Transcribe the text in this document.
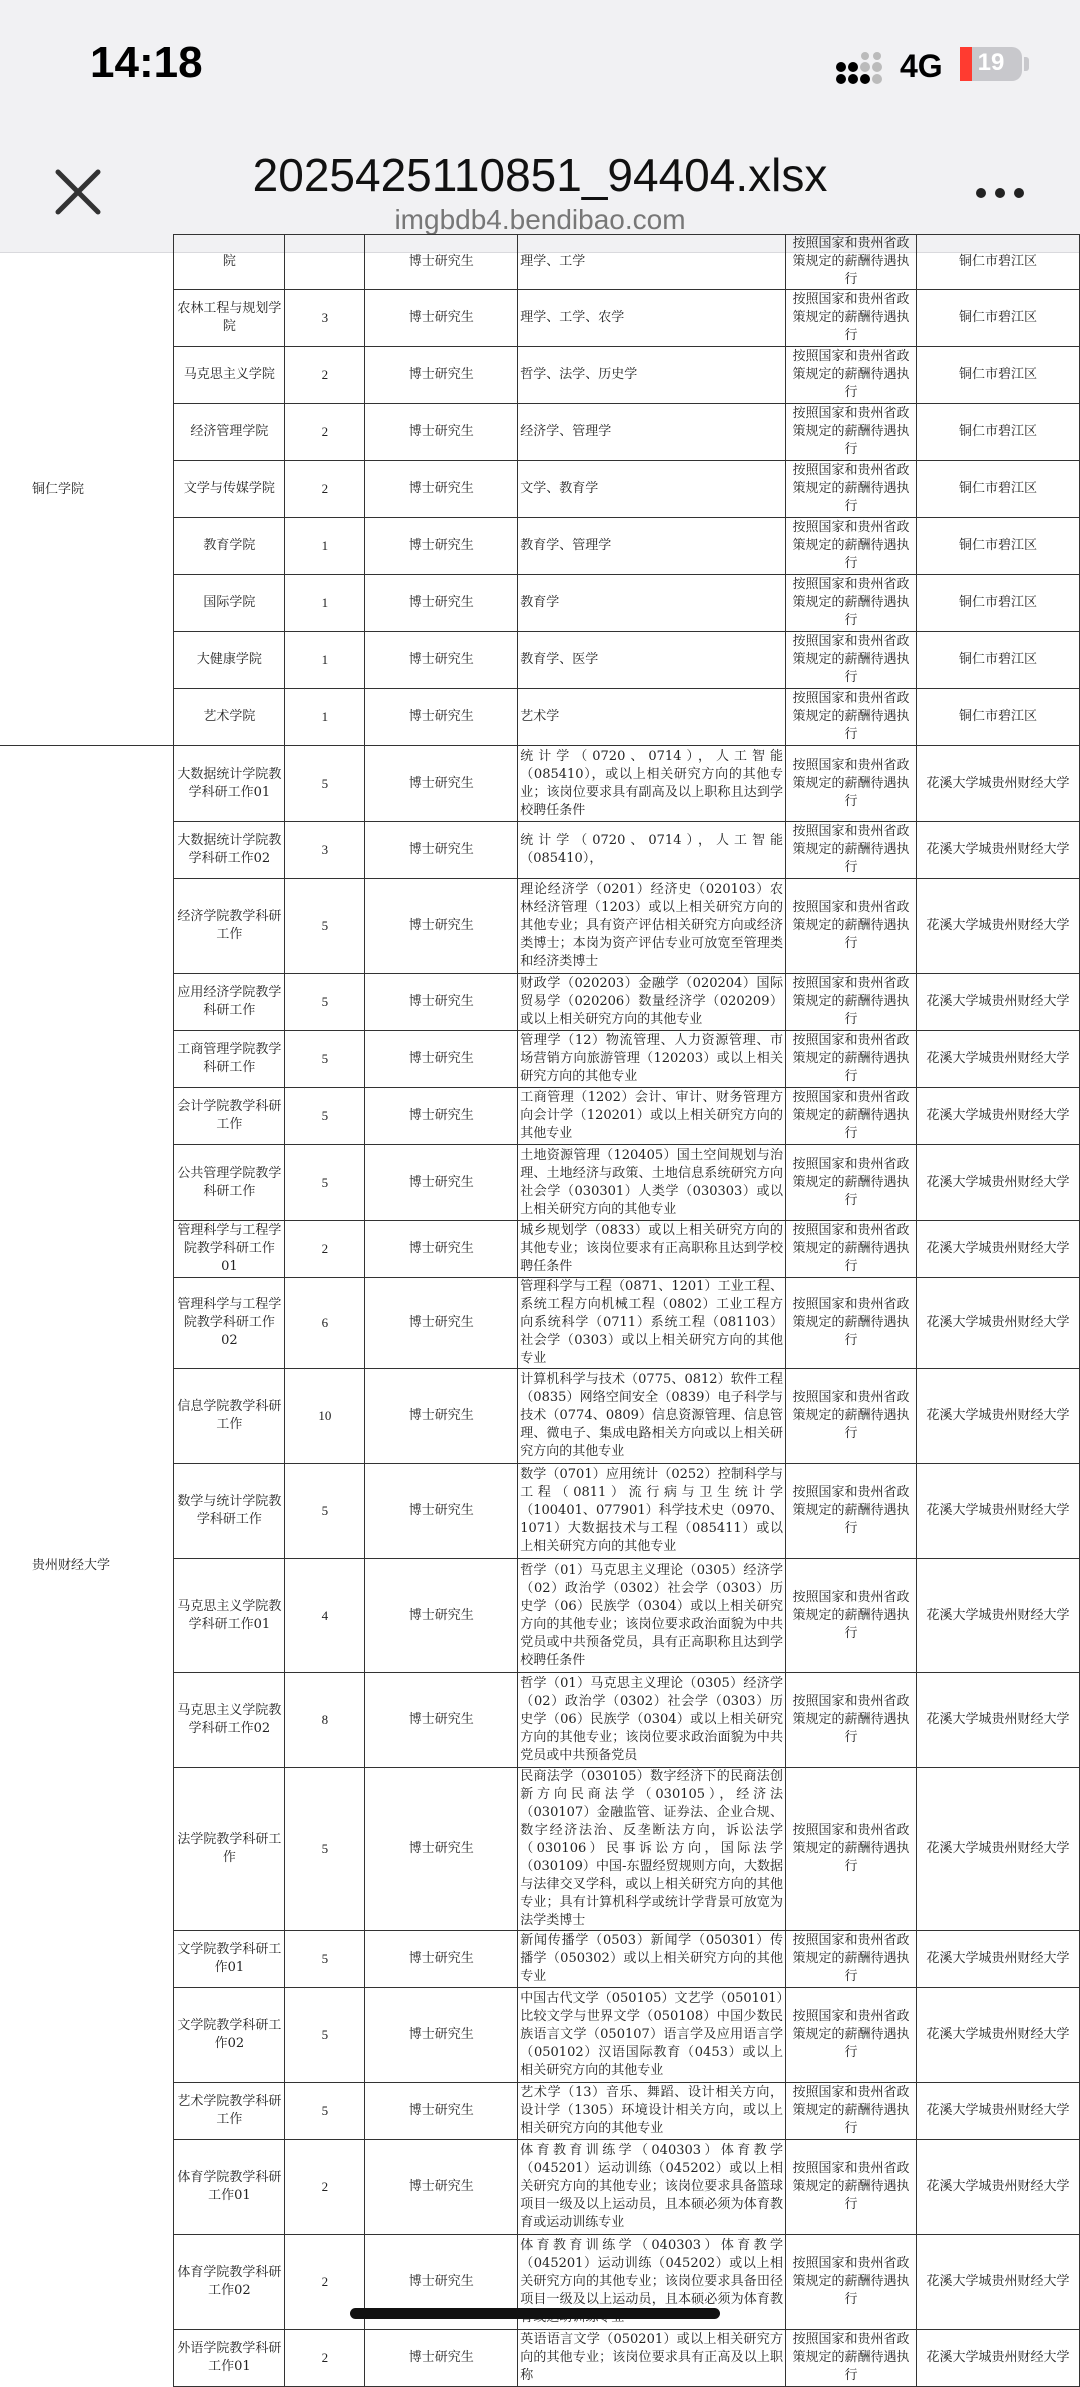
14:18	4G	19
2025425110851_94404.xlsx
imgbdb4.bendibao.com
铜仁学院	院		博士研究生	理学、工学	按照国家和贵州省政策规定的薪酬待遇执行	铜仁市碧江区
	农林工程与规划学院	3	博士研究生	理学、工学、农学	按照国家和贵州省政策规定的薪酬待遇执行	铜仁市碧江区
	马克思主义学院	2	博士研究生	哲学、法学、历史学	按照国家和贵州省政策规定的薪酬待遇执行	铜仁市碧江区
	经济管理学院	2	博士研究生	经济学、管理学	按照国家和贵州省政策规定的薪酬待遇执行	铜仁市碧江区
	文学与传媒学院	2	博士研究生	文学、教育学	按照国家和贵州省政策规定的薪酬待遇执行	铜仁市碧江区
	教育学院	1	博士研究生	教育学、管理学	按照国家和贵州省政策规定的薪酬待遇执行	铜仁市碧江区
	国际学院	1	博士研究生	教育学	按照国家和贵州省政策规定的薪酬待遇执行	铜仁市碧江区
	大健康学院	1	博士研究生	教育学、医学	按照国家和贵州省政策规定的薪酬待遇执行	铜仁市碧江区
	艺术学院	1	博士研究生	艺术学	按照国家和贵州省政策规定的薪酬待遇执行	铜仁市碧江区
贵州财经大学	大数据统计学院教学科研工作01	5	博士研究生	统计学（0720、0714），人工智能（085410），或以上相关研究方向的其他专业；该岗位要求具有副高及以上职称且达到学校聘任条件	按照国家和贵州省政策规定的薪酬待遇执行	花溪大学城贵州财经大学
	大数据统计学院教学科研工作02	3	博士研究生	统计学（0720、0714），人工智能（085410），	按照国家和贵州省政策规定的薪酬待遇执行	花溪大学城贵州财经大学
	经济学院教学科研工作	5	博士研究生	理论经济学（0201）经济史（020103）农林经济管理（1203）或以上相关研究方向的其他专业；具有资产评估相关研究方向或经济类博士；本岗为资产评估专业可放宽至管理类和经济类博士	按照国家和贵州省政策规定的薪酬待遇执行	花溪大学城贵州财经大学
	应用经济学院教学科研工作	5	博士研究生	财政学（020203）金融学（020204）国际贸易学（020206）数量经济学（020209）或以上相关研究方向的其他专业	按照国家和贵州省政策规定的薪酬待遇执行	花溪大学城贵州财经大学
	工商管理学院教学科研工作	5	博士研究生	管理学（12）物流管理、人力资源管理、市场营销方向旅游管理（120203）或以上相关研究方向的其他专业	按照国家和贵州省政策规定的薪酬待遇执行	花溪大学城贵州财经大学
	会计学院教学科研工作	5	博士研究生	工商管理（1202）会计、审计、财务管理方向会计学（120201）或以上相关研究方向的其他专业	按照国家和贵州省政策规定的薪酬待遇执行	花溪大学城贵州财经大学
	公共管理学院教学科研工作	5	博士研究生	土地资源管理（120405）国土空间规划与治理、土地经济与政策、土地信息系统研究方向社会学（030301）人类学（030303）或以上相关研究方向的其他专业	按照国家和贵州省政策规定的薪酬待遇执行	花溪大学城贵州财经大学
	管理科学与工程学院教学科研工作01	2	博士研究生	城乡规划学（0833）或以上相关研究方向的其他专业；该岗位要求有正高职称且达到学校聘任条件	按照国家和贵州省政策规定的薪酬待遇执行	花溪大学城贵州财经大学
	管理科学与工程学院教学科研工作02	6	博士研究生	管理科学与工程（0871、1201）工业工程、系统工程方向机械工程（0802）工业工程方向系统科学（0711）系统工程（081103）社会学（0303）或以上相关研究方向的其他专业	按照国家和贵州省政策规定的薪酬待遇执行	花溪大学城贵州财经大学
	信息学院教学科研工作	10	博士研究生	计算机科学与技术（0775、0812）软件工程（0835）网络空间安全（0839）电子科学与技术（0774、0809）信息资源管理、信息管理、微电子、集成电路相关方向或以上相关研究方向的其他专业	按照国家和贵州省政策规定的薪酬待遇执行	花溪大学城贵州财经大学
	数学与统计学院教学科研工作	5	博士研究生	数学（0701）应用统计（0252）控制科学与工程（0811）流行病与卫生统计学（100401、077901）科学技术史（0970、1071）大数据技术与工程（085411）或以上相关研究方向的其他专业	按照国家和贵州省政策规定的薪酬待遇执行	花溪大学城贵州财经大学
	马克思主义学院教学科研工作01	4	博士研究生	哲学（01）马克思主义理论（0305）经济学（02）政治学（0302）社会学（0303）历史学（06）民族学（0304）或以上相关研究方向的其他专业；该岗位要求政治面貌为中共党员或中共预备党员，具有正高职称且达到学校聘任条件	按照国家和贵州省政策规定的薪酬待遇执行	花溪大学城贵州财经大学
	马克思主义学院教学科研工作02	8	博士研究生	哲学（01）马克思主义理论（0305）经济学（02）政治学（0302）社会学（0303）历史学（06）民族学（0304）或以上相关研究方向的其他专业；该岗位要求政治面貌为中共党员或中共预备党员	按照国家和贵州省政策规定的薪酬待遇执行	花溪大学城贵州财经大学
	法学院教学科研工作	5	博士研究生	民商法学（030105）数字经济下的民商法创新方向民商法学（030105），经济法（030107）金融监管、证券法、企业合规、数字经济法治、反垄断法方向，诉讼法学（030106）民事诉讼方向，国际法学（030109）中国-东盟经贸规则方向，大数据与法律交叉学科，或以上相关研究方向的其他专业；具有计算机科学或统计学背景可放宽为法学类博士	按照国家和贵州省政策规定的薪酬待遇执行	花溪大学城贵州财经大学
	文学院教学科研工作01	5	博士研究生	新闻传播学（0503）新闻学（050301）传播学（050302）或以上相关研究方向的其他专业	按照国家和贵州省政策规定的薪酬待遇执行	花溪大学城贵州财经大学
	文学院教学科研工作02	5	博士研究生	中国古代文学（050105）文艺学（050101）比较文学与世界文学（050108）中国少数民族语言文学（050107）语言学及应用语言学（050102）汉语国际教育（0453）或以上相关研究方向的其他专业	按照国家和贵州省政策规定的薪酬待遇执行	花溪大学城贵州财经大学
	艺术学院教学科研工作	5	博士研究生	艺术学（13）音乐、舞蹈、设计相关方向，设计学（1305）环境设计相关方向，或以上相关研究方向的其他专业	按照国家和贵州省政策规定的薪酬待遇执行	花溪大学城贵州财经大学
	体育学院教学科研工作01	2	博士研究生	体育教育训练学（040303）体育教学（045201）运动训练（045202）或以上相关研究方向的其他专业；该岗位要求具备篮球项目一级及以上运动员，且本硕必须为体育教育或运动训练专业	按照国家和贵州省政策规定的薪酬待遇执行	花溪大学城贵州财经大学
	体育学院教学科研工作02	2	博士研究生	体育教育训练学（040303）体育教学（045201）运动训练（045202）或以上相关研究方向的其他专业；该岗位要求具备田径项目一级及以上运动员，且本硕必须为体育教	按照国家和贵州省政策规定的薪酬待遇执行	花溪大学城贵州财经大学
	外语学院教学科研工作01	2	博士研究生	英语语言文学（050201）或以上相关研究方向的其他专业；该岗位要求具有正高及以上职称	按照国家和贵州省政策规定的薪酬待遇执行	花溪大学城贵州财经大学
